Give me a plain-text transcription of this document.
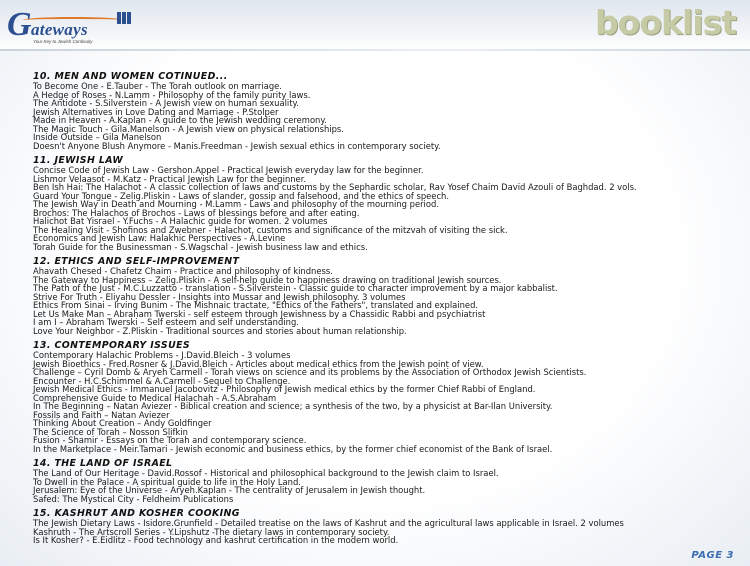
G ateways
Your Key to Jewish Continuity	booklist
10. MEN AND WOMEN COTINUED...
To Become One - E.Tauber - The Torah outlook on marriage.
A Hedge of Roses - N.Lamm - Philosophy of the family purity laws.
The Antidote - S.Silverstein - A Jewish view on human sexuality.
Jewish Alternatives in Love Dating and Marriage - P.Stolper
Made in Heaven - A.Kaplan - A guide to the Jewish wedding ceremony.
The Magic Touch - Gila.Manelson - A Jewish view on physical relationships.
Inside Outside – Gila Manelson
Doesn't Anyone Blush Anymore - Manis.Freedman - Jewish sexual ethics in contemporary society.
11. JEWISH LAW
Concise Code of Jewish Law - Gershon.Appel - Practical Jewish everyday law for the beginner.
Lishmor Velaasot - M.Katz - Practical Jewish Law for the beginner.
Ben Ish Hai: The Halachot - A classic collection of laws and customs by the Sephardic scholar, Rav Yosef Chaim David Azouli of Baghdad. 2 vols.
Guard Your Tongue - Zelig.Pliskin - Laws of slander, gossip and falsehood, and the ethics of speech.
The Jewish Way in Death and Mourning - M.Lamm - Laws and philosophy of the mourning period.
Brochos: The Halachos of Brochos - Laws of blessings before and after eating.
Halichot Bat Yisrael - Y.Fuchs - A Halachic guide for women. 2 volumes
The Healing Visit - Shofinos and Zwebner - Halachot, customs and significance of the mitzvah of visiting the sick.
Economics and Jewish Law: Halakhic Perspectives - A.Levine
Torah Guide for the Businessman - S.Wagschal - Jewish business law and ethics.
12. ETHICS AND SELF-IMPROVEMENT
Ahavath Chesed - Chafetz Chaim - Practice and philosophy of kindness.
The Gateway to Happiness – Zelig.Pliskin - A self-help guide to happiness drawing on traditional Jewish sources.
The Path of the Just - M.C.Luzzatto - translation - S.Silverstein - Classic guide to character improvement by a major kabbalist.
Strive For Truth - Eliyahu Dessler - Insights into Mussar and Jewish philosophy. 3 volumes
Ethics From Sinai – Irving Bunim - The Mishnaic tractate, "Ethics of the Fathers", translated and explained.
Let Us Make Man – Abraham Twerski - self esteem through Jewishness by a Chassidic Rabbi and psychiatrist
I am I – Abraham Twerski – Self esteem and self understanding.
Love Your Neighbor - Z.Pliskin - Traditional sources and stories about human relationship.
13. CONTEMPORARY ISSUES
Contemporary Halachic Problems - J.David.Bleich - 3 volumes
Jewish Bioethics - Fred.Rosner & J.David.Bleich - Articles about medical ethics from the Jewish point of view.
Challenge – Cyril Domb & Aryeh Carmell - Torah views on science and its problems by the Association of Orthodox Jewish Scientists.
Encounter - H.C.Schimmel & A.Carmell - Sequel to Challenge.
Jewish Medical Ethics - Immanuel Jacobovitz - Philosophy of Jewish medical ethics by the former Chief Rabbi of England.
Comprehensive Guide to Medical Halachah - A.S.Abraham
In The Beginning – Natan Aviezer - Biblical creation and science; a synthesis of the two, by a physicist at Bar-Ilan University.
Fossils and Faith – Natan Aviezer
Thinking About Creation – Andy Goldfinger
The Science of Torah – Nosson Slifkin
Fusion - Shamir - Essays on the Torah and contemporary science.
In the Marketplace - Meir.Tamari - Jewish economic and business ethics, by the former chief economist of the Bank of Israel.
14. THE LAND OF ISRAEL
The Land of Our Heritage - David.Rossof - Historical and philosophical background to the Jewish claim to Israel.
To Dwell in the Palace - A spiritual guide to life in the Holy Land.
Jerusalem: Eye of the Universe - Aryeh.Kaplan - The centrality of Jerusalem in Jewish thought.
Safed: The Mystical City - Feldheim Publications
15. KASHRUT AND KOSHER COOKING
The Jewish Dietary Laws - Isidore.Grunfield - Detailed treatise on the laws of Kashrut and the agricultural laws applicable in Israel. 2 volumes
Kashruth - The Artscroll Series - Y.Lipshutz -The dietary laws in contemporary society.
Is It Kosher? - E.Eidlitz - Food technology and kashrut certification in the modern world.
PAGE 3
